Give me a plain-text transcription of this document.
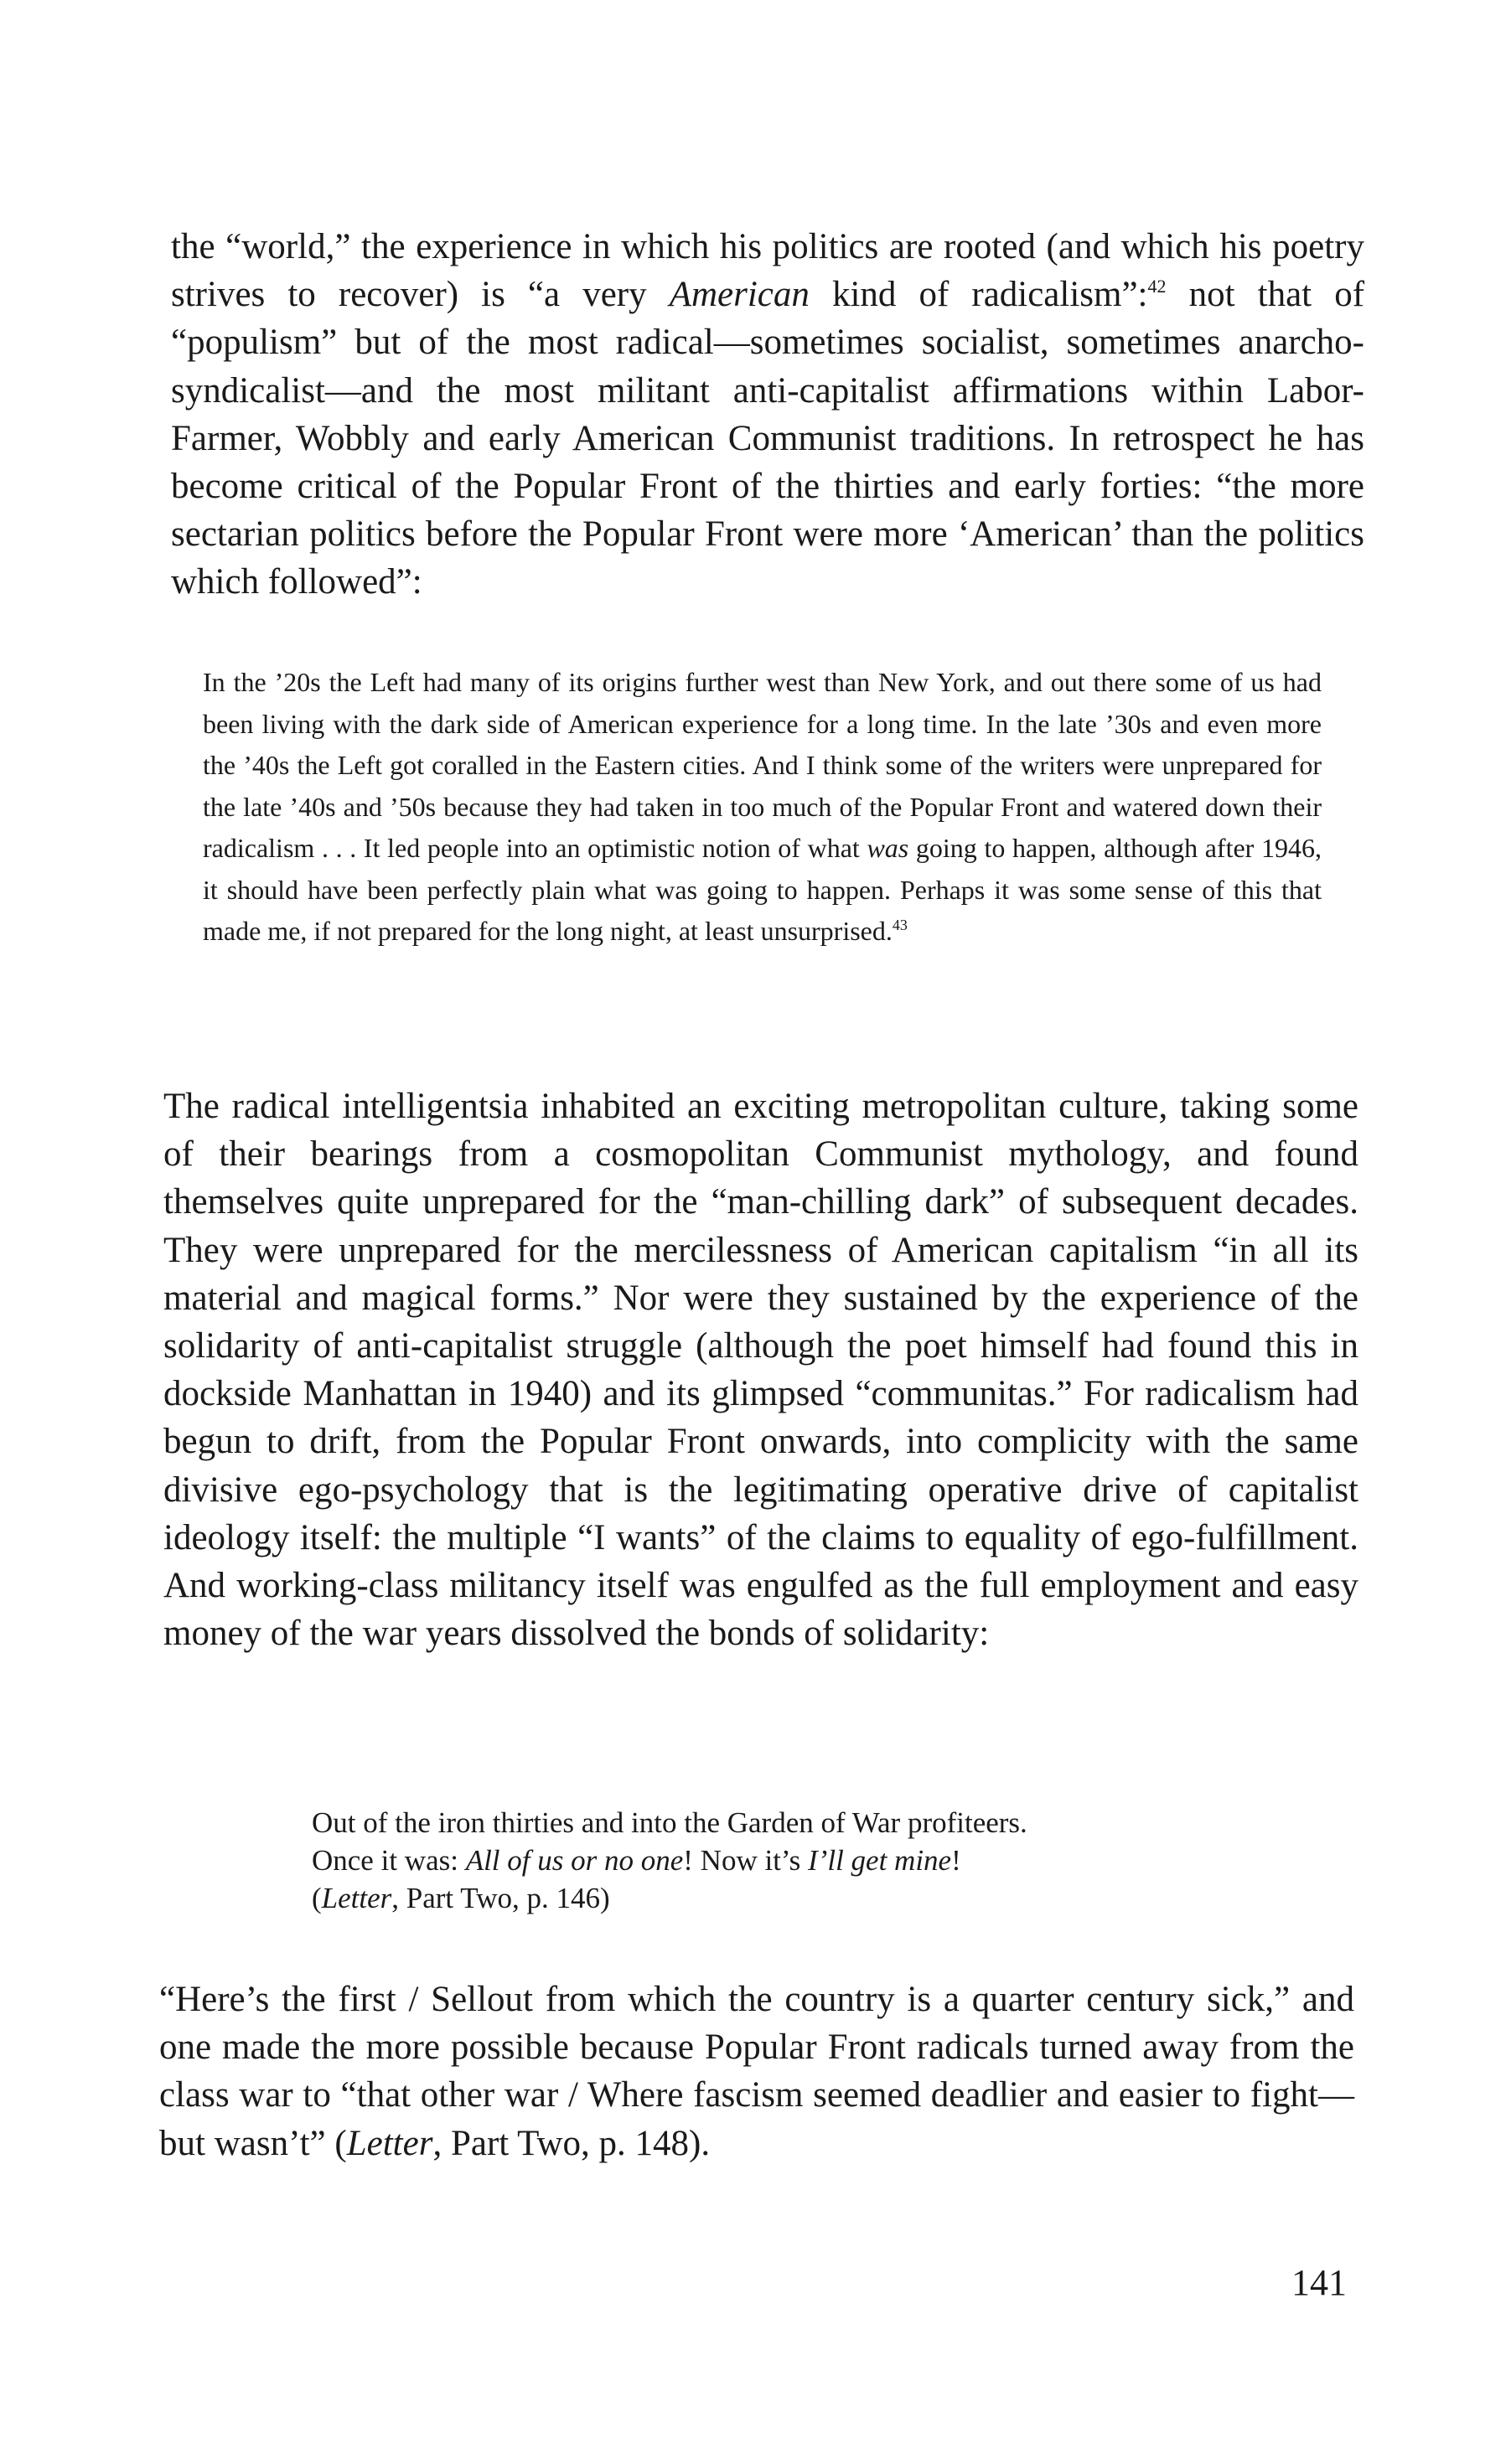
the “world,” the experience in which his politics are rooted (and which his poetry strives to recover) is “a very American kind of radicalism”:$^{42}$ not that of “populism” but of the most radical—sometimes socialist, sometimes anarcho-syndicalist—and the most militant anti-capitalist affirmations within Labor-Farmer, Wobbly and early American Communist traditions. In retrospect he has become critical of the Popular Front of the thirties and early forties: “the more sectarian politics before the Popular Front were more ‘American’ than the politics which followed”:

In the ’20s the Left had many of its origins further west than New York, and out there some of us had been living with the dark side of American experience for a long time. In the late ’30s and even more the ’40s the Left got coralled in the Eastern cities. And I think some of the writers were unprepared for the late ’40s and ’50s because they had taken in too much of the Popular Front and watered down their radicalism . . . It led people into an optimistic notion of what was going to happen, although after 1946, it should have been perfectly plain what was going to happen. Perhaps it was some sense of this that made me, if not prepared for the long night, at least unsurprised.$^{43}$

The radical intelligentsia inhabited an exciting metropolitan culture, taking some of their bearings from a cosmopolitan Communist mythology, and found themselves quite unprepared for the “man-chilling dark” of subsequent decades. They were unprepared for the mercilessness of American capitalism “in all its material and magical forms.” Nor were they sustained by the experience of the solidarity of anti-capitalist struggle (although the poet himself had found this in dockside Manhattan in 1940) and its glimpsed “communitas.” For radicalism had begun to drift, from the Popular Front onwards, into complicity with the same divisive ego-psychology that is the legitimating operative drive of capitalist ideology itself: the multiple “I wants” of the claims to equality of ego-fulfillment. And working-class militancy itself was engulfed as the full employment and easy money of the war years dissolved the bonds of solidarity:

Out of the iron thirties and into the Garden of War profiteers.
Once it was: All of us or no one! Now it’s I’ll get mine!
(Letter, Part Two, p. 146)

“Here’s the first / Sellout from which the country is a quarter century sick,” and one made the more possible because Popular Front radicals turned away from the class war to “that other war / Where fascism seemed deadlier and easier to fight—but wasn’t” (Letter, Part Two, p. 148).

141
